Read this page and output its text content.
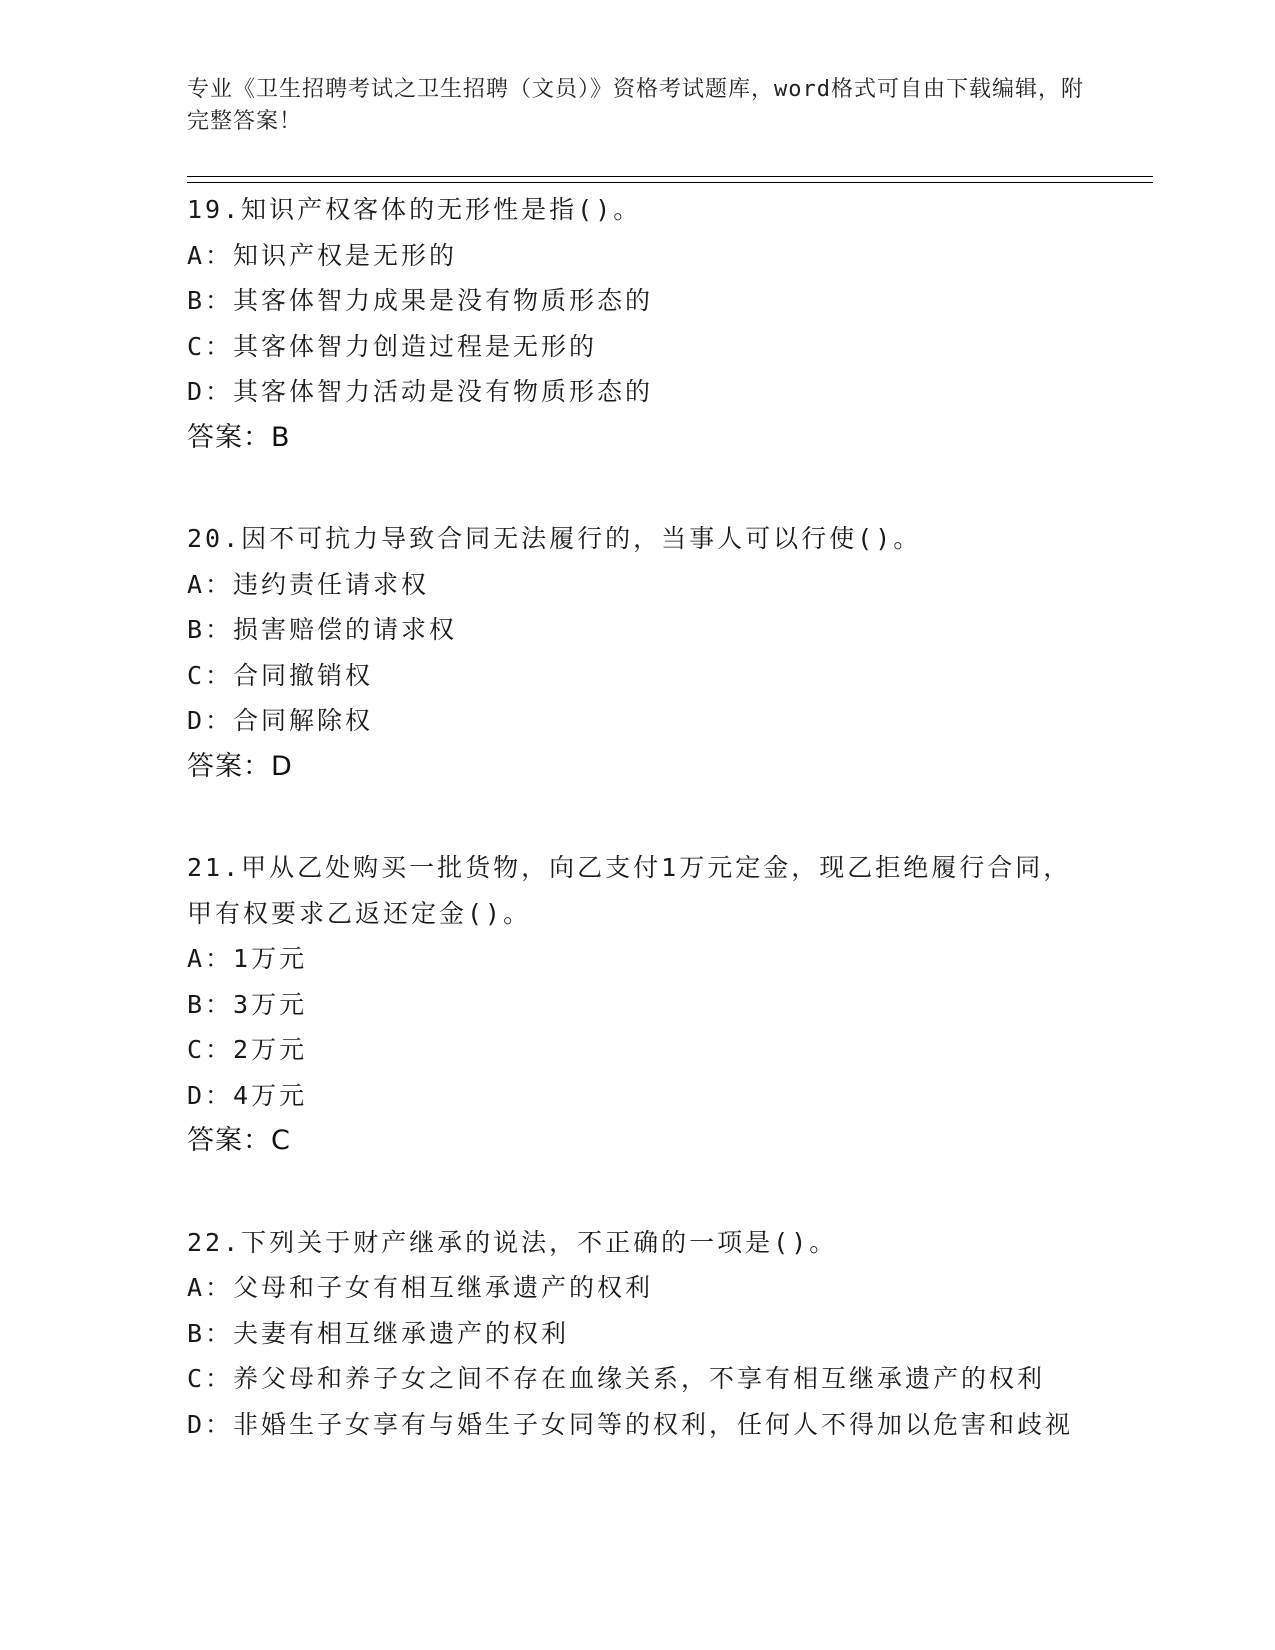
专业《卫生招聘考试之卫生招聘（文员）》资格考试题库，word格式可自由下载编辑，附完整答案！
19.知识产权客体的无形性是指()。
A：知识产权是无形的
B：其客体智力成果是没有物质形态的
C：其客体智力创造过程是无形的
D：其客体智力活动是没有物质形态的
答案：B
20.因不可抗力导致合同无法履行的，当事人可以行使()。
A：违约责任请求权
B：损害赔偿的请求权
C：合同撤销权
D：合同解除权
答案：D
21.甲从乙处购买一批货物，向乙支付1万元定金，现乙拒绝履行合同，甲有权要求乙返还定金()。
A：1万元
B：3万元
C：2万元
D：4万元
答案：C
22.下列关于财产继承的说法，不正确的一项是()。
A：父母和子女有相互继承遗产的权利
B：夫妻有相互继承遗产的权利
C：养父母和养子女之间不存在血缘关系，不享有相互继承遗产的权利
D：非婚生子女享有与婚生子女同等的权利，任何人不得加以危害和歧视
